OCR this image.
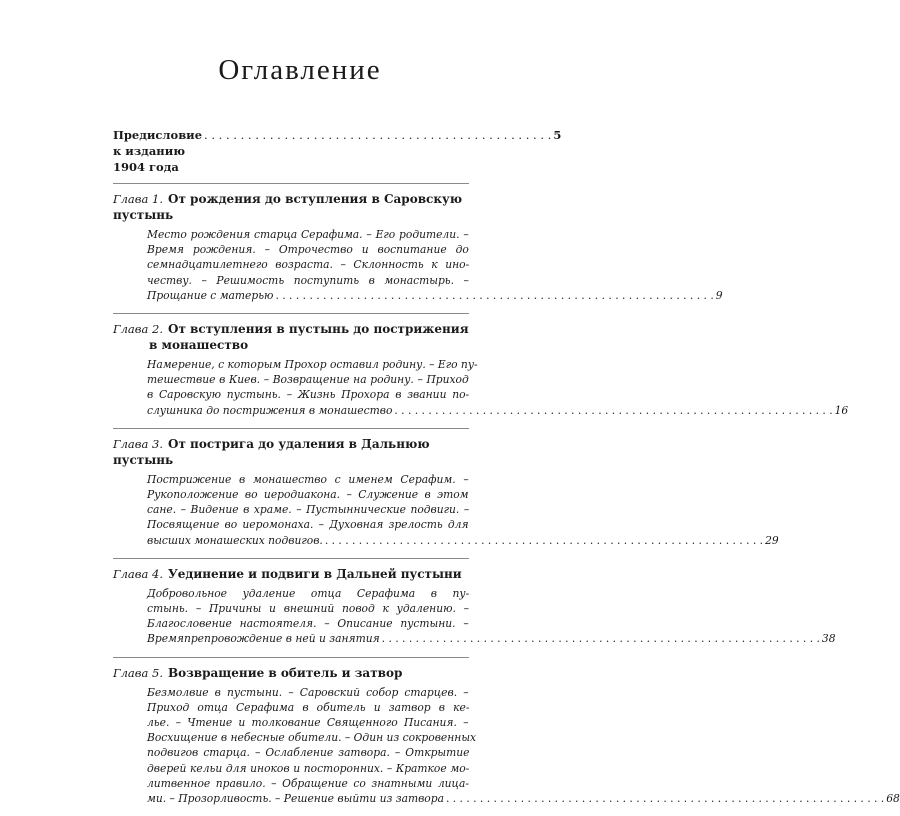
Оглавление
Предисловие к изданию 1904 года
. . . . . . . . . . . . . . . . . . . . . . . . . . . . . . . . . . . . . . . . . . . . . . . . 5
Глава 1. От рождения до вступления в Саровскую пустынь
Место рождения старца Серафима. – Его родители. –
Время рождения. – Отрочество и воспитание до
семнадцатилетнего возраста. – Склонность к ино-
честву. – Решимость поступить в монастырь. –
Прощание с матерью . . . . . . . . . . . . . . . . . . . . . . . . . . . . . . . . . . . . . . . . . . . . . . . . . . . . . . . . . . . . . . . . . 9
Глава 2. От вступления в пустынь до пострижения
в монашество
Намерение, с которым Прохор оставил родину. – Его пу-
тешествие в Киев. – Возвращение на родину. – Приход
в Саровскую пустынь. – Жизнь Прохора в звании по-
слушника до пострижения в монашество . . . . . . . . . . . . . . . . . . . . . . . . . . . . . . . . . . . . . . . . . . . . . . . . . . . . . . . . . . . . . . . . . 16
Глава 3. От пострига до удаления в Дальнюю пустынь
Пострижение в монашество с именем Серафим. –
Рукоположение во иеродиакона. – Служение в этом
сане. – Видение в храме. – Пустыннические подвиги. –
Посвящение во иеромонаха. – Духовная зрелость для
высших монашеских подвигов. . . . . . . . . . . . . . . . . . . . . . . . . . . . . . . . . . . . . . . . . . . . . . . . . . . . . . . . . . . . . . . . . . 29
Глава 4. Уединение и подвиги в Дальней пустыни
Добровольное удаление отца Серафима в пу-
стынь. – Причины и внешний повод к удалению. –
Благословение настоятеля. – Описание пустыни. –
Времяпрепровождение в ней и занятия . . . . . . . . . . . . . . . . . . . . . . . . . . . . . . . . . . . . . . . . . . . . . . . . . . . . . . . . . . . . . . . . . 38
Глава 5. Возвращение в обитель и затвор
Безмолвие в пустыни. – Саровский собор старцев. –
Приход отца Серафима в обитель и затвор в ке-
лье. – Чтение и толкование Священного Писания. –
Восхищение в небесные обители. – Один из сокровенных
подвигов старца. – Ослабление затвора. – Открытие
дверей кельи для иноков и посторонних. – Краткое мо-
литвенное правило. – Обращение со знатными лица-
ми. – Прозорливость. – Решение выйти из затвора . . . . . . . . . . . . . . . . . . . . . . . . . . . . . . . . . . . . . . . . . . . . . . . . . . . . . . . . . . . . . . . . . 68
